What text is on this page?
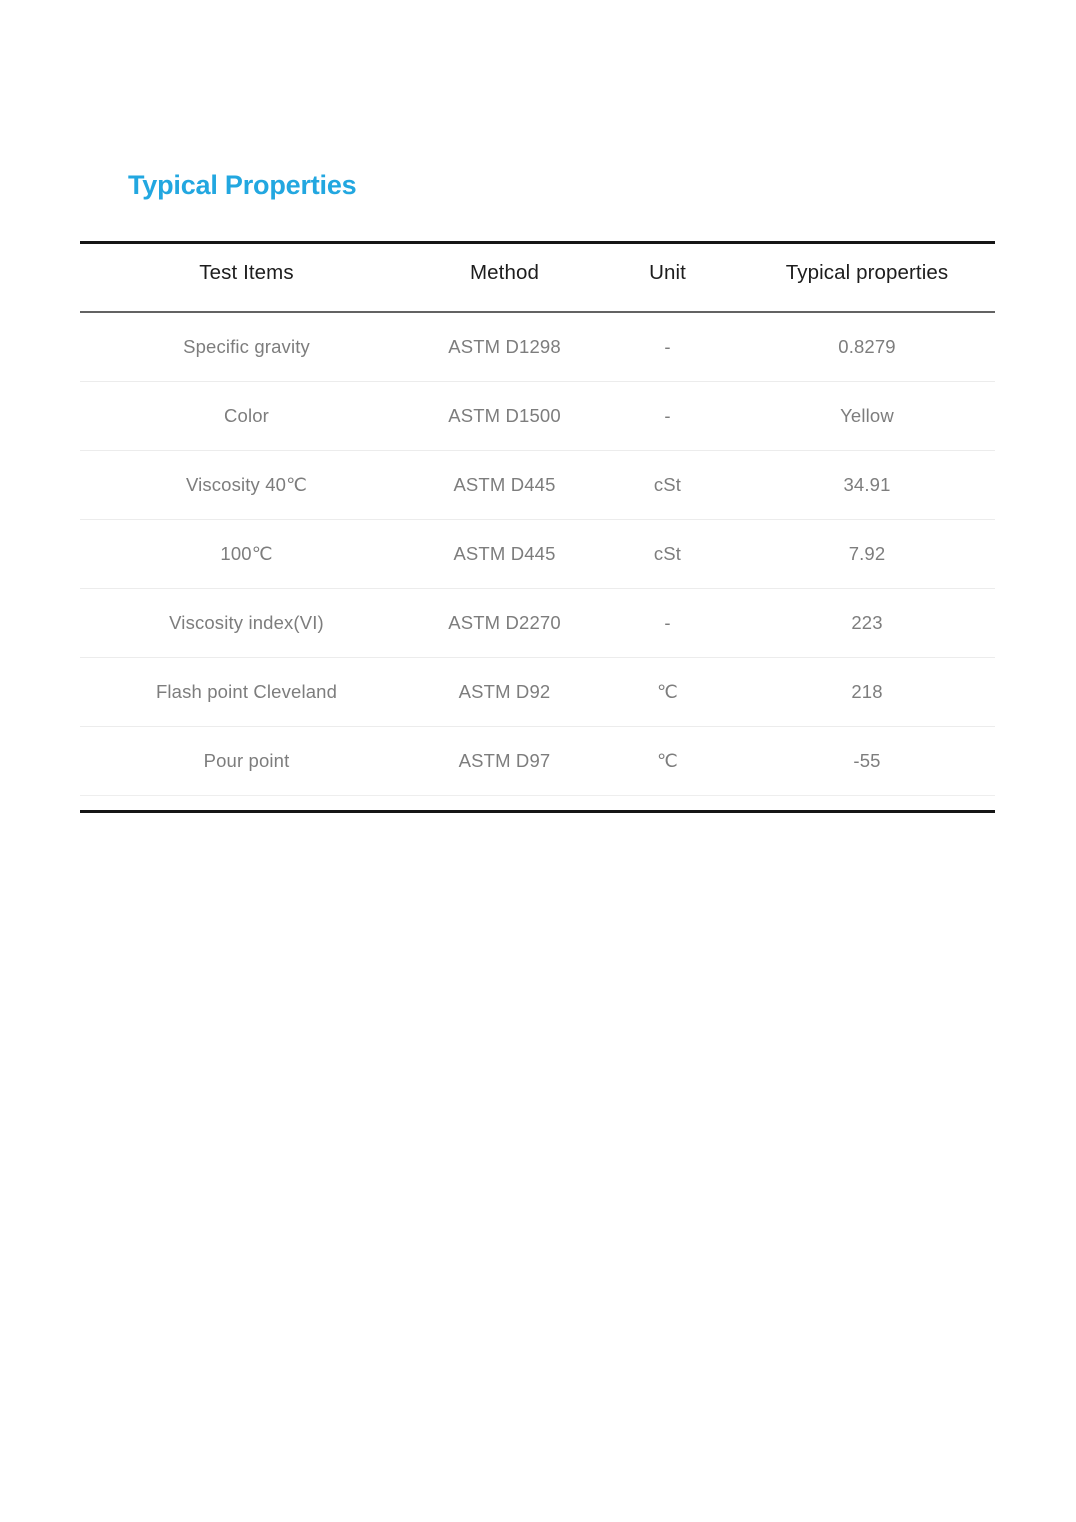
Typical Properties
Test Items	Method	Unit	Typical properties
Specific gravity	ASTM D1298	-	0.8279
Color	ASTM D1500	-	Yellow
Viscosity 40℃	ASTM D445	cSt	34.91
100℃	ASTM D445	cSt	7.92
Viscosity index(VI)	ASTM D2270	-	223
Flash point Cleveland	ASTM D92	℃	218
Pour point	ASTM D97	℃	-55
